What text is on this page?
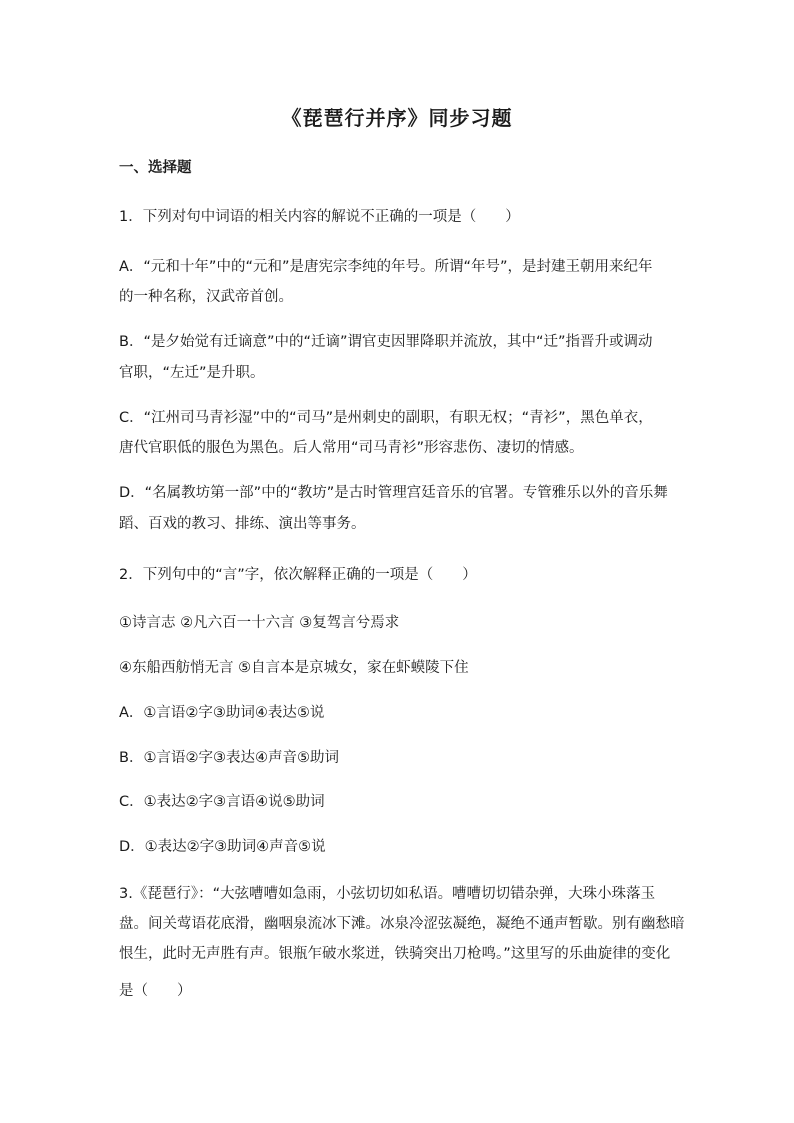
《琵琶行并序》同步习题
一、选择题
1．下列对句中词语的相关内容的解说不正确的一项是（　　）
A．“元和十年”中的“元和”是唐宪宗李纯的年号。所谓“年号”，是封建王朝用来纪年
的一种名称，汉武帝首创。
B．“是夕始觉有迁谪意”中的“迁谪”谓官吏因罪降职并流放，其中“迁”指晋升或调动
官职，“左迁”是升职。
C．“江州司马青衫湿”中的“司马”是州刺史的副职，有职无权；“青衫”，黑色单衣，
唐代官职低的服色为黑色。后人常用“司马青衫”形容悲伤、凄切的情感。
D．“名属教坊第一部”中的“教坊”是古时管理宫廷音乐的官署。专管雅乐以外的音乐舞
蹈、百戏的教习、排练、演出等事务。
2．下列句中的“言”字，依次解释正确的一项是（　　）
①诗言志 ②凡六百一十六言 ③复驾言兮焉求
④东船西舫悄无言 ⑤自言本是京城女，家在虾蟆陵下住
A．①言语②字③助词④表达⑤说
B．①言语②字③表达④声音⑤助词
C．①表达②字③言语④说⑤助词
D．①表达②字③助词④声音⑤说
3.《琵琶行》：“大弦嘈嘈如急雨，小弦切切如私语。嘈嘈切切错杂弹，大珠小珠落玉
盘。间关莺语花底滑，幽咽泉流冰下滩。冰泉冷涩弦凝绝，凝绝不通声暂歇。别有幽愁暗
恨生，此时无声胜有声。银瓶乍破水浆迸，铁骑突出刀枪鸣。”这里写的乐曲旋律的变化
是（　　）
